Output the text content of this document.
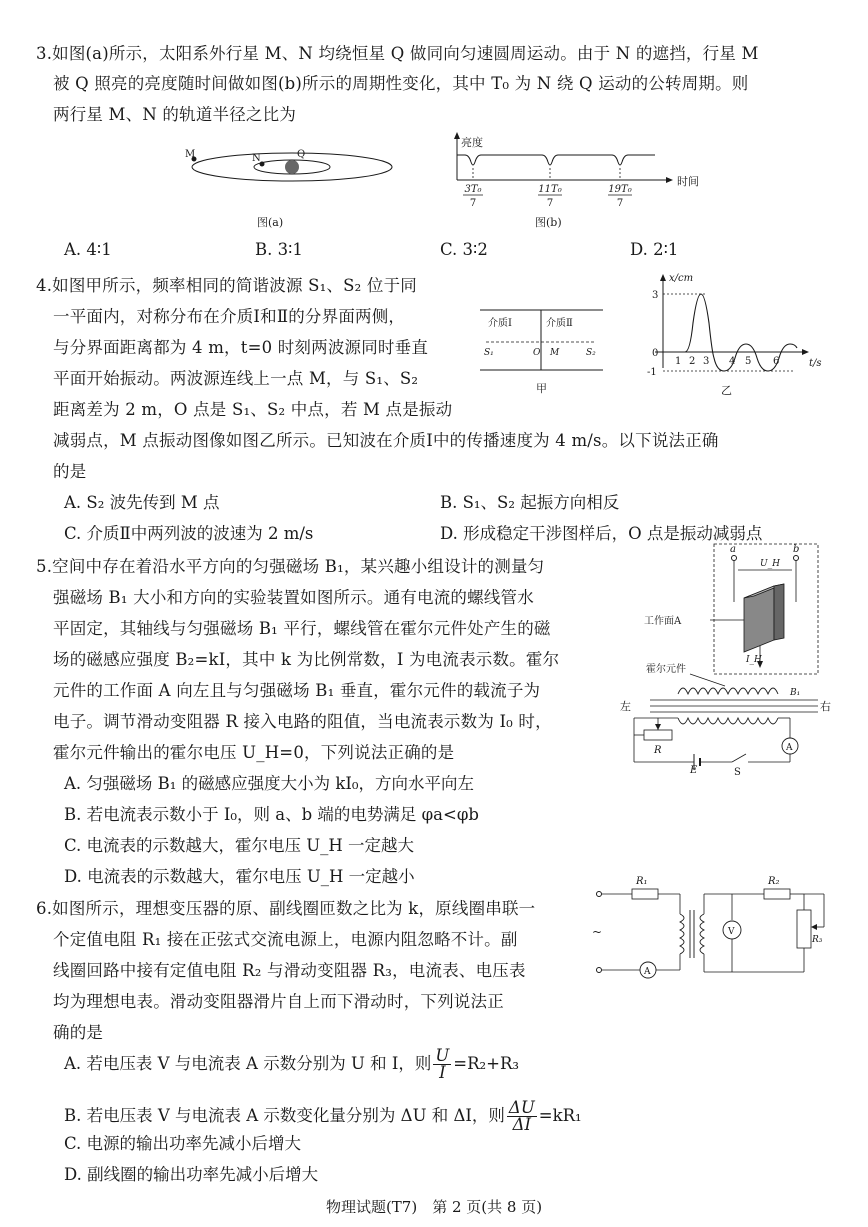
3.如图(a)所示，太阳系外行星 M、N 均绕恒星 Q 做同向匀速圆周运动。由于 N 的遮挡，行星 M
被 Q 照亮的亮度随时间做如图(b)所示的周期性变化，其中 T₀ 为 N 绕 Q 运动的公转周期。则
两行星 M、N 的轨道半径之比为
M	N	Q
图(a)
亮度
时间
3T₀
7
11T₀
7
19T₀
7
图(b)
A. 4∶1	B. 3∶1	C. 3∶2	D. 2∶1
4.如图甲所示，频率相同的简谐波源 S₁、S₂ 位于同
一平面内，对称分布在介质Ⅰ和Ⅱ的分界面两侧，
与分界面距离都为 4 m，t=0 时刻两波源同时垂直
平面开始振动。两波源连线上一点 M，与 S₁、S₂
距离差为 2 m，O 点是 S₁、S₂ 中点，若 M 点是振动
减弱点，M 点振动图像如图乙所示。已知波在介质Ⅰ中的传播速度为 4 m/s。以下说法正确
的是
介质Ⅰ	介质Ⅱ
S₁	O M	S₂
甲
x/cm
t/s
3
0
-1
1 2 3 4 5 6
乙
A. S₂ 波先传到 M 点	B. S₁、S₂ 起振方向相反
C. 介质Ⅱ中两列波的波速为 2 m/s	D. 形成稳定干涉图样后，O 点是振动减弱点
5.空间中存在着沿水平方向的匀强磁场 B₁，某兴趣小组设计的测量匀
强磁场 B₁ 大小和方向的实验装置如图所示。通有电流的螺线管水
平固定，其轴线与匀强磁场 B₁ 平行，螺线管在霍尔元件处产生的磁
场的磁感应强度 B₂=kI，其中 k 为比例常数，I 为电流表示数。霍尔
元件的工作面 A 向左且与匀强磁场 B₁ 垂直，霍尔元件的载流子为
电子。调节滑动变阻器 R 接入电路的阻值，当电流表示数为 I₀ 时，
霍尔元件输出的霍尔电压 U_H=0，下列说法正确的是
a	b
U_H
工作面A
I_H
霍尔元件
B₁
左	右
R	A
E	S
A. 匀强磁场 B₁ 的磁感应强度大小为 kI₀，方向水平向左
B. 若电流表示数小于 I₀，则 a、b 端的电势满足 φa<φb
C. 电流表的示数越大，霍尔电压 U_H 一定越大
D. 电流表的示数越大，霍尔电压 U_H 一定越小
6.如图所示，理想变压器的原、副线圈匝数之比为 k，原线圈串联一
个定值电阻 R₁ 接在正弦式交流电源上，电源内阻忽略不计。副
线圈回路中接有定值电阻 R₂ 与滑动变阻器 R₃，电流表、电压表
均为理想电表。滑动变阻器滑片自上而下滑动时，下列说法正
确的是
~
R₁
A
R₂
V
R₃
A. 若电压表 V 与电流表 A 示数分别为 U 和 I，则 $\frac{U}{I} =R_2+R_3$
B. 若电压表 V 与电流表 A 示数变化量分别为 ΔU 和 ΔI，则 $\frac{\Delta U}{\Delta I} =kR_1$
C. 电源的输出功率先减小后增大
D. 副线圈的输出功率先减小后增大
物理试题(T7)　第 2 页(共 8 页)
